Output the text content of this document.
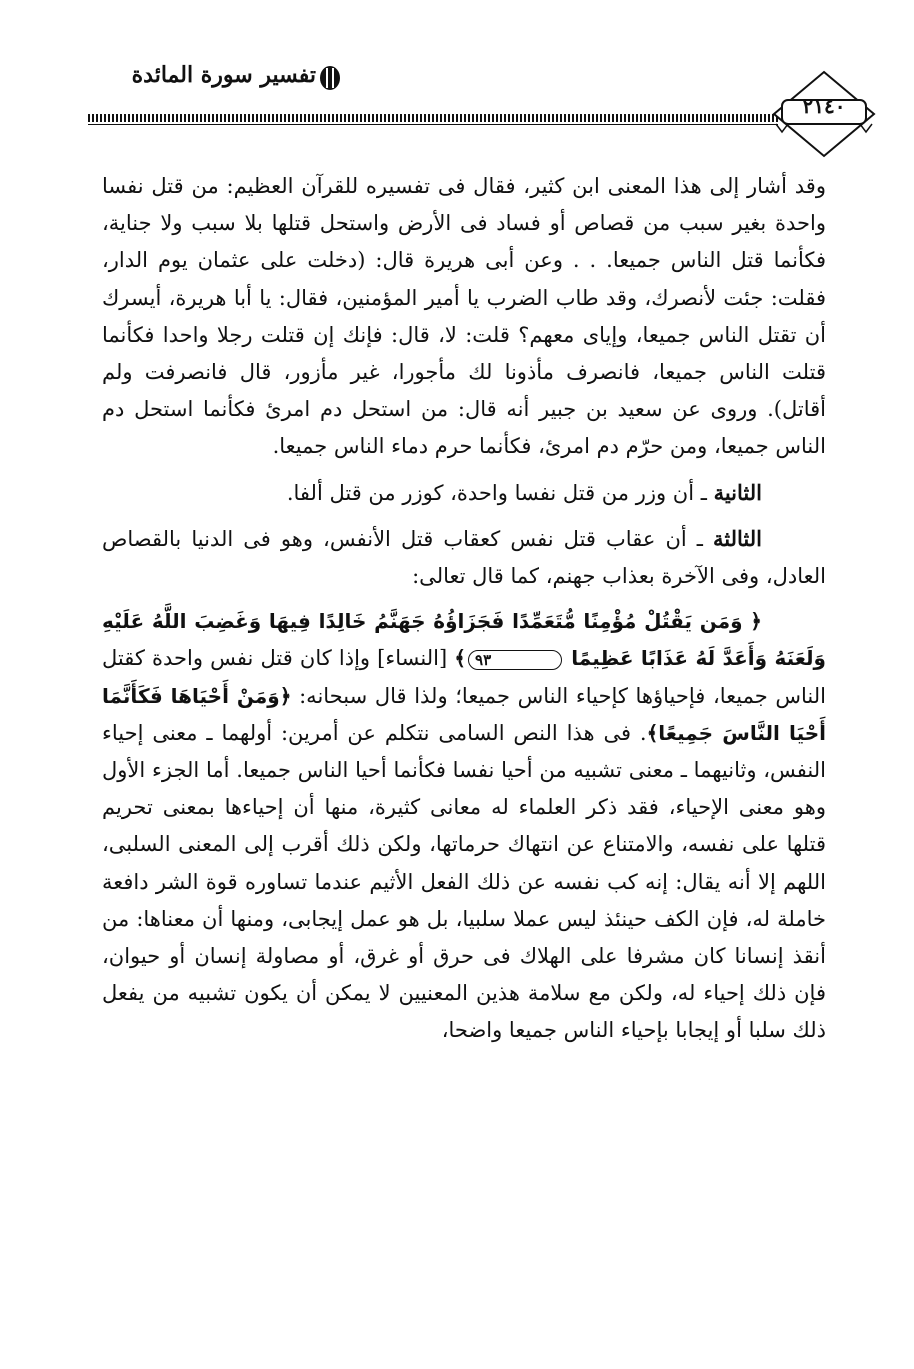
تفسير سورة المائدة
٢١٤٠

وقد أشار إلى هذا المعنى ابن كثير، فقال فى تفسيره للقرآن العظيم: من قتل نفسا واحدة بغير سبب من قصاص أو فساد فى الأرض واستحل قتلها بلا سبب ولا جناية، فكأنما قتل الناس جميعا. . . وعن أبى هريرة قال: (دخلت على عثمان يوم الدار، فقلت: جئت لأنصرك، وقد طاب الضرب يا أمير المؤمنين، فقال: يا أبا هريرة، أيسرك أن تقتل الناس جميعا، وإياى معهم؟ قلت: لا، قال: فإنك إن قتلت رجلا واحدا فكأنما قتلت الناس جميعا، فانصرف مأذونا لك مأجورا، غير مأزور، قال فانصرفت ولم أقاتل). وروى عن سعيد بن جبير أنه قال: من استحل دم امرئ فكأنما استحل دم الناس جميعا، ومن حرّم دم امرئ، فكأنما حرم دماء الناس جميعا.

الثانية ـ أن وزر من قتل نفسا واحدة، كوزر من قتل ألفا.

الثالثة ـ أن عقاب قتل نفس كعقاب قتل الأنفس، وهو فى الدنيا بالقصاص العادل، وفى الآخرة بعذاب جهنم، كما قال تعالى:

﴿ وَمَن يَقْتُلْ مُؤْمِنًا مُّتَعَمِّدًا فَجَزَاؤُهُ جَهَنَّمُ خَالِدًا فِيهَا وَغَضِبَ اللَّهُ عَلَيْهِ وَلَعَنَهُ وَأَعَدَّ لَهُ عَذَابًا عَظِيمًا ٩٣﴾ [النساء] وإذا كان قتل نفس واحدة كقتل الناس جميعا، فإحياؤها كإحياء الناس جميعا؛ ولذا قال سبحانه: ﴿وَمَنْ أَحْيَاهَا فَكَأَنَّمَا أَحْيَا النَّاسَ جَمِيعًا﴾. فى هذا النص السامى نتكلم عن أمرين: أولهما ـ معنى إحياء النفس، وثانيهما ـ معنى تشبيه من أحيا نفسا فكأنما أحيا الناس جميعا. أما الجزء الأول وهو معنى الإحياء، فقد ذكر العلماء له معانى كثيرة، منها أن إحياءها بمعنى تحريم قتلها على نفسه، والامتناع عن انتهاك حرماتها، ولكن ذلك أقرب إلى المعنى السلبى، اللهم إلا أنه يقال: إنه كب نفسه عن ذلك الفعل الأثيم عندما تساوره قوة الشر دافعة خاملة له، فإن الكف حينئذ ليس عملا سلبيا، بل هو عمل إيجابى، ومنها أن معناها: من أنقذ إنسانا كان مشرفا على الهلاك فى حرق أو غرق، أو مصاولة إنسان أو حيوان، فإن ذلك إحياء له، ولكن مع سلامة هذين المعنيين لا يمكن أن يكون تشبيه من يفعل ذلك سلبا أو إيجابا بإحياء الناس جميعا واضحا،
